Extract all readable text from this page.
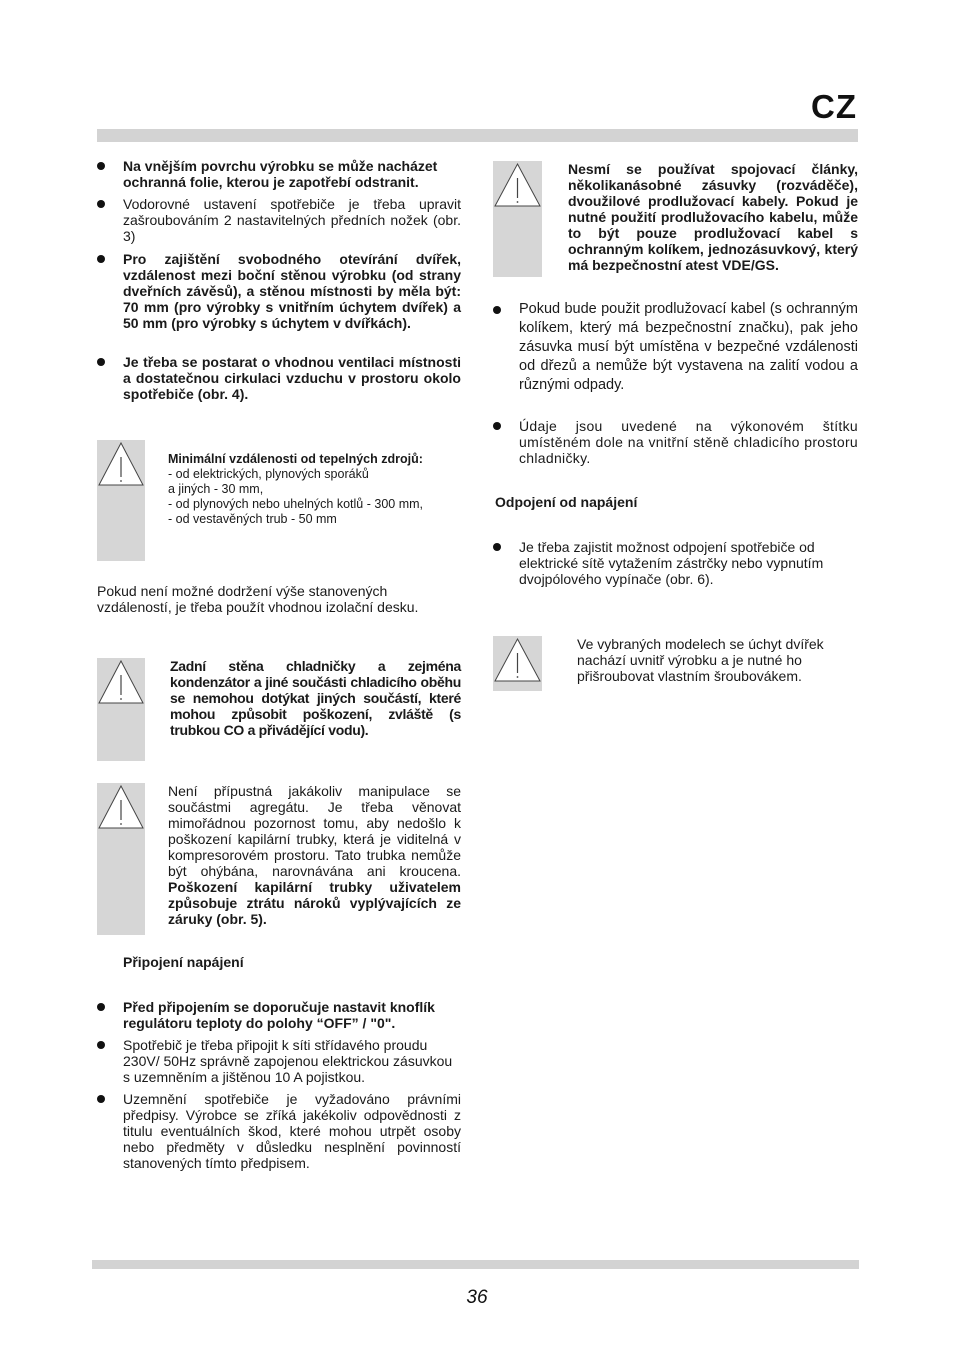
CZ
Na vnějším povrchu výrobku se může nacházet ochranná folie, kterou je zapotřebí odstranit.
Vodorovné ustavení spotřebiče je třeba upravit zašroubováním 2 nastavitelných předních nožek (obr. 3)
Pro zajištění svobodného otevírání dvířek, vzdálenost mezi boční stěnou výrobku (od strany dveřních závěsů), a stěnou místnosti by měla být: 70 mm (pro výrobky s vnitřním úchytem dvířek) a 50 mm (pro výrobky s úchytem v dvířkách).
Je třeba se postarat o vhodnou ventilaci místnosti a dostatečnou cirkulaci vzduchu v prostoru okolo spotřebiče (obr. 4).
Minimální vzdálenosti od tepelných zdrojů:
- od elektrických, plynových sporáků
a jiných - 30 mm,
- od plynových nebo uhelných kotlů - 300 mm,
- od vestavěných trub - 50 mm
Pokud není možné dodržení výše stanovených vzdáleností, je třeba použít vhodnou izolační desku.
Zadní stěna chladničky a zejména kondenzátor a jiné součásti chladicího oběhu se nemohou dotýkat jiných součástí, které mohou způsobit poškození, zvláště (s trubkou CO a přivádějící vodu).
Není přípustná jakákoliv manipulace se součástmi agregátu. Je třeba věnovat mimořádnou pozornost tomu, aby nedošlo k poškození kapilární trubky, která je viditelná v kompresorovém prostoru. Tato trubka nemůže být ohýbána, narovnávána ani kroucena. Poškození kapilární trubky uživatelem způsobuje ztrátu nároků vyplývajících ze záruky (obr. 5).
Připojení napájení
Před připojením se doporučuje nastavit knoflík regulátoru teploty do polohy “OFF” / "0".
Spotřebič je třeba připojit k síti střídavého proudu 230V/ 50Hz správně zapojenou elektrickou zásuvkou s uzemněním a jištěnou 10 A pojistkou.
Uzemnění spotřebiče je vyžadováno právními předpisy. Výrobce se zříká jakékoliv odpovědnosti z titulu eventuálních škod, které mohou utrpět osoby nebo předměty v důsledku nesplnění povinností stanovených tímto předpisem.
Nesmí se používat spojovací články, několikanásobné zásuvky (rozváděče), dvoužilové prodlužovací kabely. Pokud je nutné použití prodlužovacího kabelu, může to být pouze prodlužovací kabel s ochranným kolíkem, jednozásuvkový, který má bezpečnostní atest VDE/GS.
Pokud bude použit prodlužovací kabel (s ochranným kolíkem, který má bezpečnostní značku), pak jeho zásuvka musí být umístěna v bezpečné vzdálenosti od dřezů a nemůže být vystavena na zalití vodou a různými odpady.
Údaje jsou uvedené na výkonovém štítku umístěném dole na vnitřní stěně chladicího prostoru chladničky.
Odpojení od napájení
Je třeba zajistit možnost odpojení spotřebiče od elektrické sítě vytažením zástrčky nebo vypnutím dvojpólového vypínače (obr. 6).
Ve vybraných modelech se úchyt dvířek nachází uvnitř výrobku a je nutné ho přišroubovat vlastním šroubovákem.
36
